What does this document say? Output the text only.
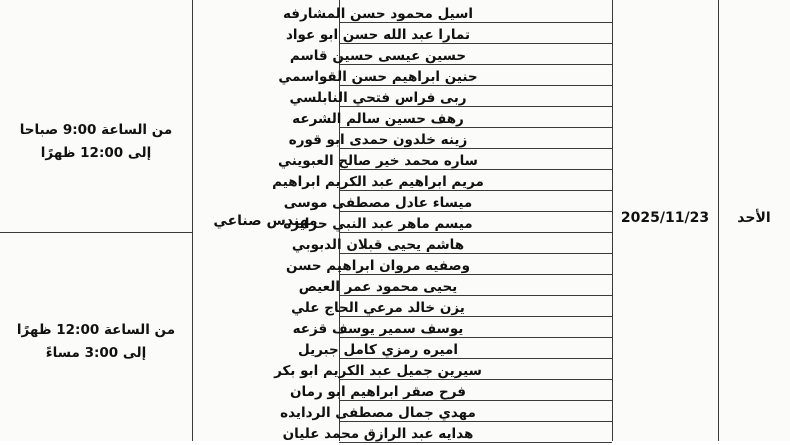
الأحد
2025/11/23
مهندس صناعي
من الساعة 9:00 صباحا
إلى 12:00 ظهرًا
من الساعة 12:00 ظهرًا
إلى 3:00 مساءً
اسيل محمود حسن المشارفه
تمارا عبد الله حسن ابو عواد
حسين عيسى حسين قاسم
حنين ابراهيم حسن القواسمي
ربى فراس فتحي النابلسي
رهف حسين سالم الشرعه
زينه خلدون حمدى ابو قوره
ساره محمد خير صالح العبويني
مريم ابراهيم عبد الكريم ابراهيم
ميساء عادل مصطفى موسى
ميسم ماهر عبد النبي حرايزه
هاشم يحيى قبلان الدبوبي
وصفيه مروان ابراهيم حسن
يحيى محمود عمر العيص
يزن خالد مرعي الحاج علي
يوسف سمير يوسف قزعه
اميره رمزي كامل جبريل
سيرين جميل عبد الكريم ابو بكر
فرح صقر ابراهيم ابو رمان
مهدي جمال مصطفى الردايده
هدايه عبد الرازق محمد عليان
